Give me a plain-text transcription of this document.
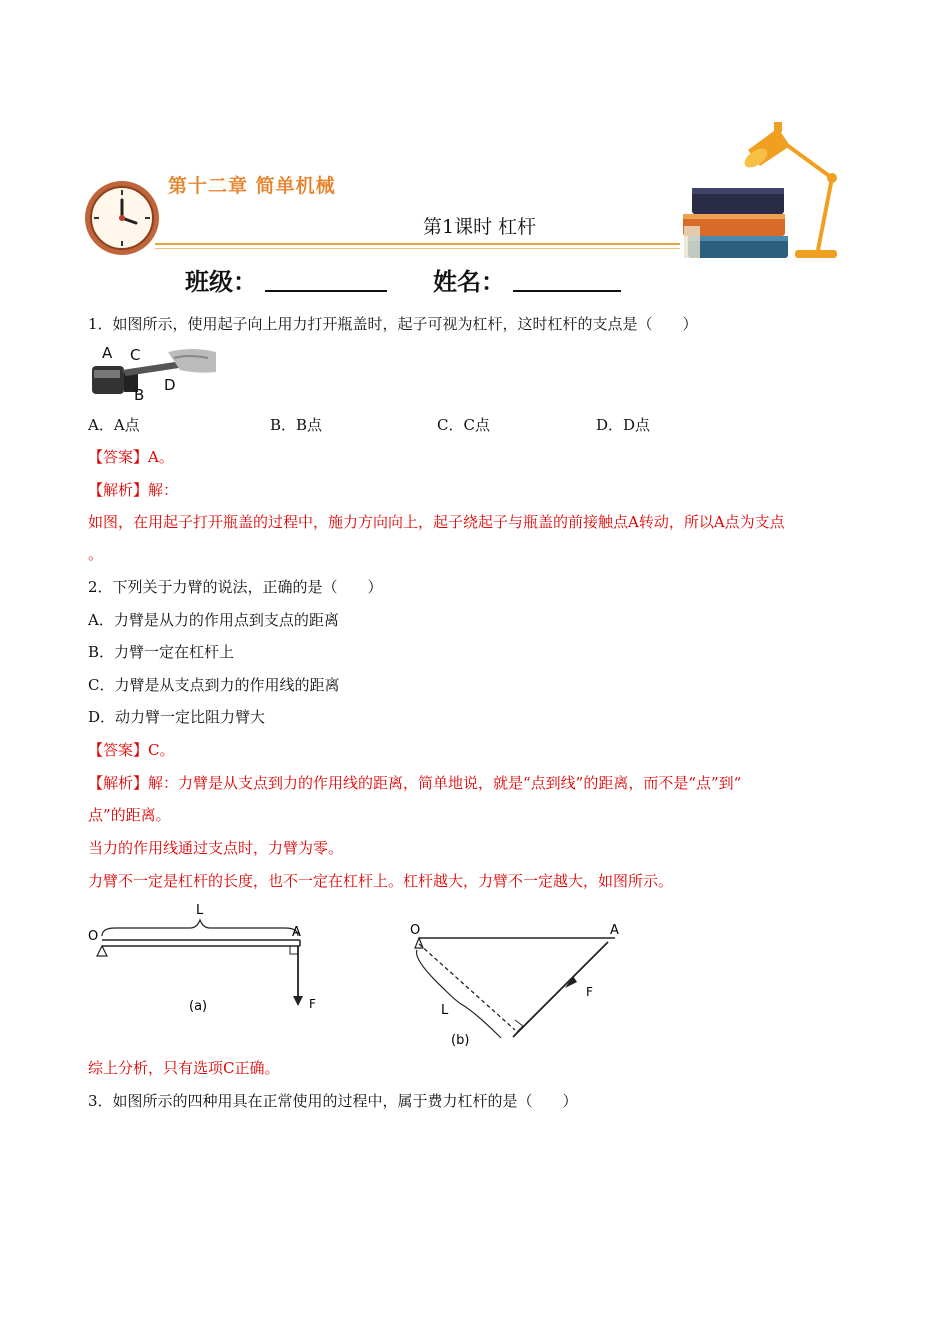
第十二章 简单机械
第1课时 杠杆
班级：	姓名：
1．如图所示，使用起子向上用力打开瓶盖时，起子可视为杠杆，这时杠杆的支点是（　　）
A C
B
D
A．A点	B．B点	C．C点	D．D点
【答案】A。
【解析】解：
如图，在用起子打开瓶盖的过程中，施力方向向上，起子绕起子与瓶盖的前接触点A转动，所以A点为支点
。
2．下列关于力臂的说法，正确的是（　　）
A．力臂是从力的作用点到支点的距离
B．力臂一定在杠杆上
C．力臂是从支点到力的作用线的距离
D．动力臂一定比阻力臂大
【答案】C。
【解析】解：力臂是从支点到力的作用线的距离，简单地说，就是“点到线”的距离，而不是“点”到“
点”的距离。
当力的作用线通过支点时，力臂为零。
力臂不一定是杠杆的长度，也不一定在杠杆上。杠杆越大，力臂不一定越大，如图所示。
O
L
A
F
(a)
O	A
L
F
(b)
综上分析，只有选项C正确。
3．如图所示的四种用具在正常使用的过程中，属于费力杠杆的是（　　）
